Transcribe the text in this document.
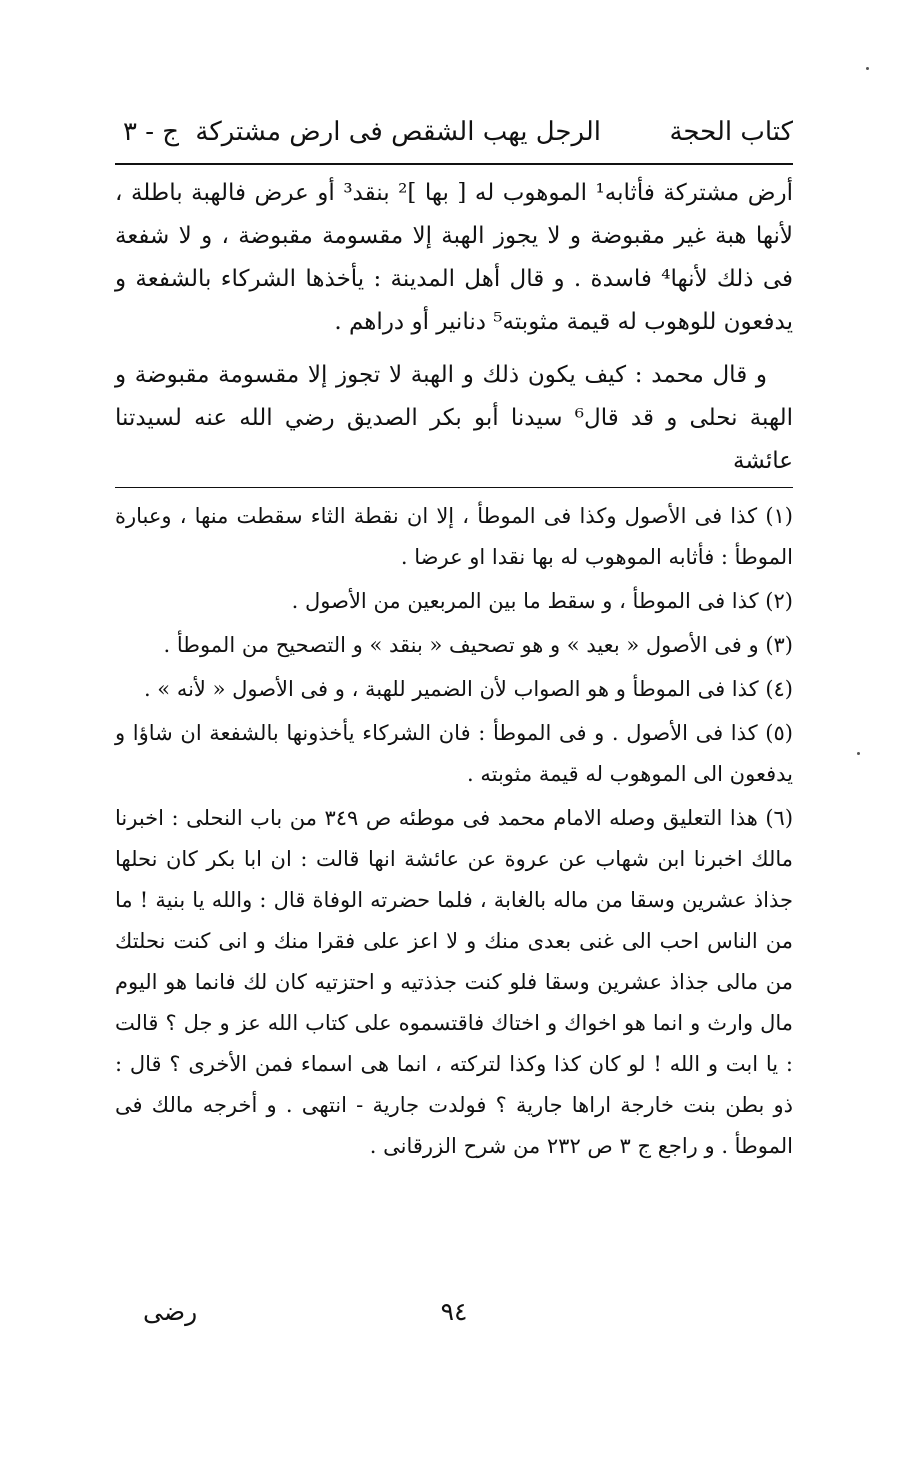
كتاب الحجة
الرجل يهب الشقص فى ارض مشتركة
ج - ٣

أرض مشتركة فأثابه¹ الموهوب له [ بها ]² بنقد³ أو عرض فالهبة باطلة ، لأنها هبة غير مقبوضة و لا يجوز الهبة إلا مقسومة مقبوضة ، و لا شفعة فى ذلك لأنها⁴ فاسدة . و قال أهل المدينة : يأخذها الشركاء بالشفعة و يدفعون للوهوب له قيمة مثوبته⁵ دنانير أو دراهم .

و قال محمد : كيف يكون ذلك و الهبة لا تجوز إلا مقسومة مقبوضة و الهبة نحلى و قد قال⁶ سيدنا أبو بكر الصديق رضي الله عنه لسيدتنا عائشة

(١) كذا فى الأصول وكذا فى الموطأ ، إلا ان نقطة الثاء سقطت منها ، وعبارة الموطأ : فأثابه الموهوب له بها نقدا او عرضا .

(٢) كذا فى الموطأ ، و سقط ما بين المربعين من الأصول .

(٣) و فى الأصول « بعيد » و هو تصحيف « بنقد » و التصحيح من الموطأ .

(٤) كذا فى الموطأ و هو الصواب لأن الضمير للهبة ، و فى الأصول « لأنه » .

(٥) كذا فى الأصول . و فى الموطأ : فان الشركاء يأخذونها بالشفعة ان شاؤا و يدفعون الى الموهوب له قيمة مثوبته .

(٦) هذا التعليق وصله الامام محمد فى موطئه ص ٣٤٩ من باب النحلى : اخبرنا مالك اخبرنا ابن شهاب عن عروة عن عائشة انها قالت : ان ابا بكر كان نحلها جذاذ عشرين وسقا من ماله بالغابة ، فلما حضرته الوفاة قال : والله يا بنية ! ما من الناس احب الى غنى بعدى منك و لا اعز على فقرا منك و انى كنت نحلتك من مالى جذاذ عشرين وسقا فلو كنت جذذتيه و احتزتيه كان لك فانما هو اليوم مال وارث و انما هو اخواك و اختاك فاقتسموه على كتاب الله عز و جل ؟ قالت : يا ابت و الله ! لو كان كذا وكذا لتركته ، انما هى اسماء فمن الأخرى ؟ قال : ذو بطن بنت خارجة اراها جارية ؟ فولدت جارية - انتهى . و أخرجه مالك فى الموطأ . و راجع ج ٣ ص ٢٣٢ من شرح الزرقانى .

٩٤
رضى
